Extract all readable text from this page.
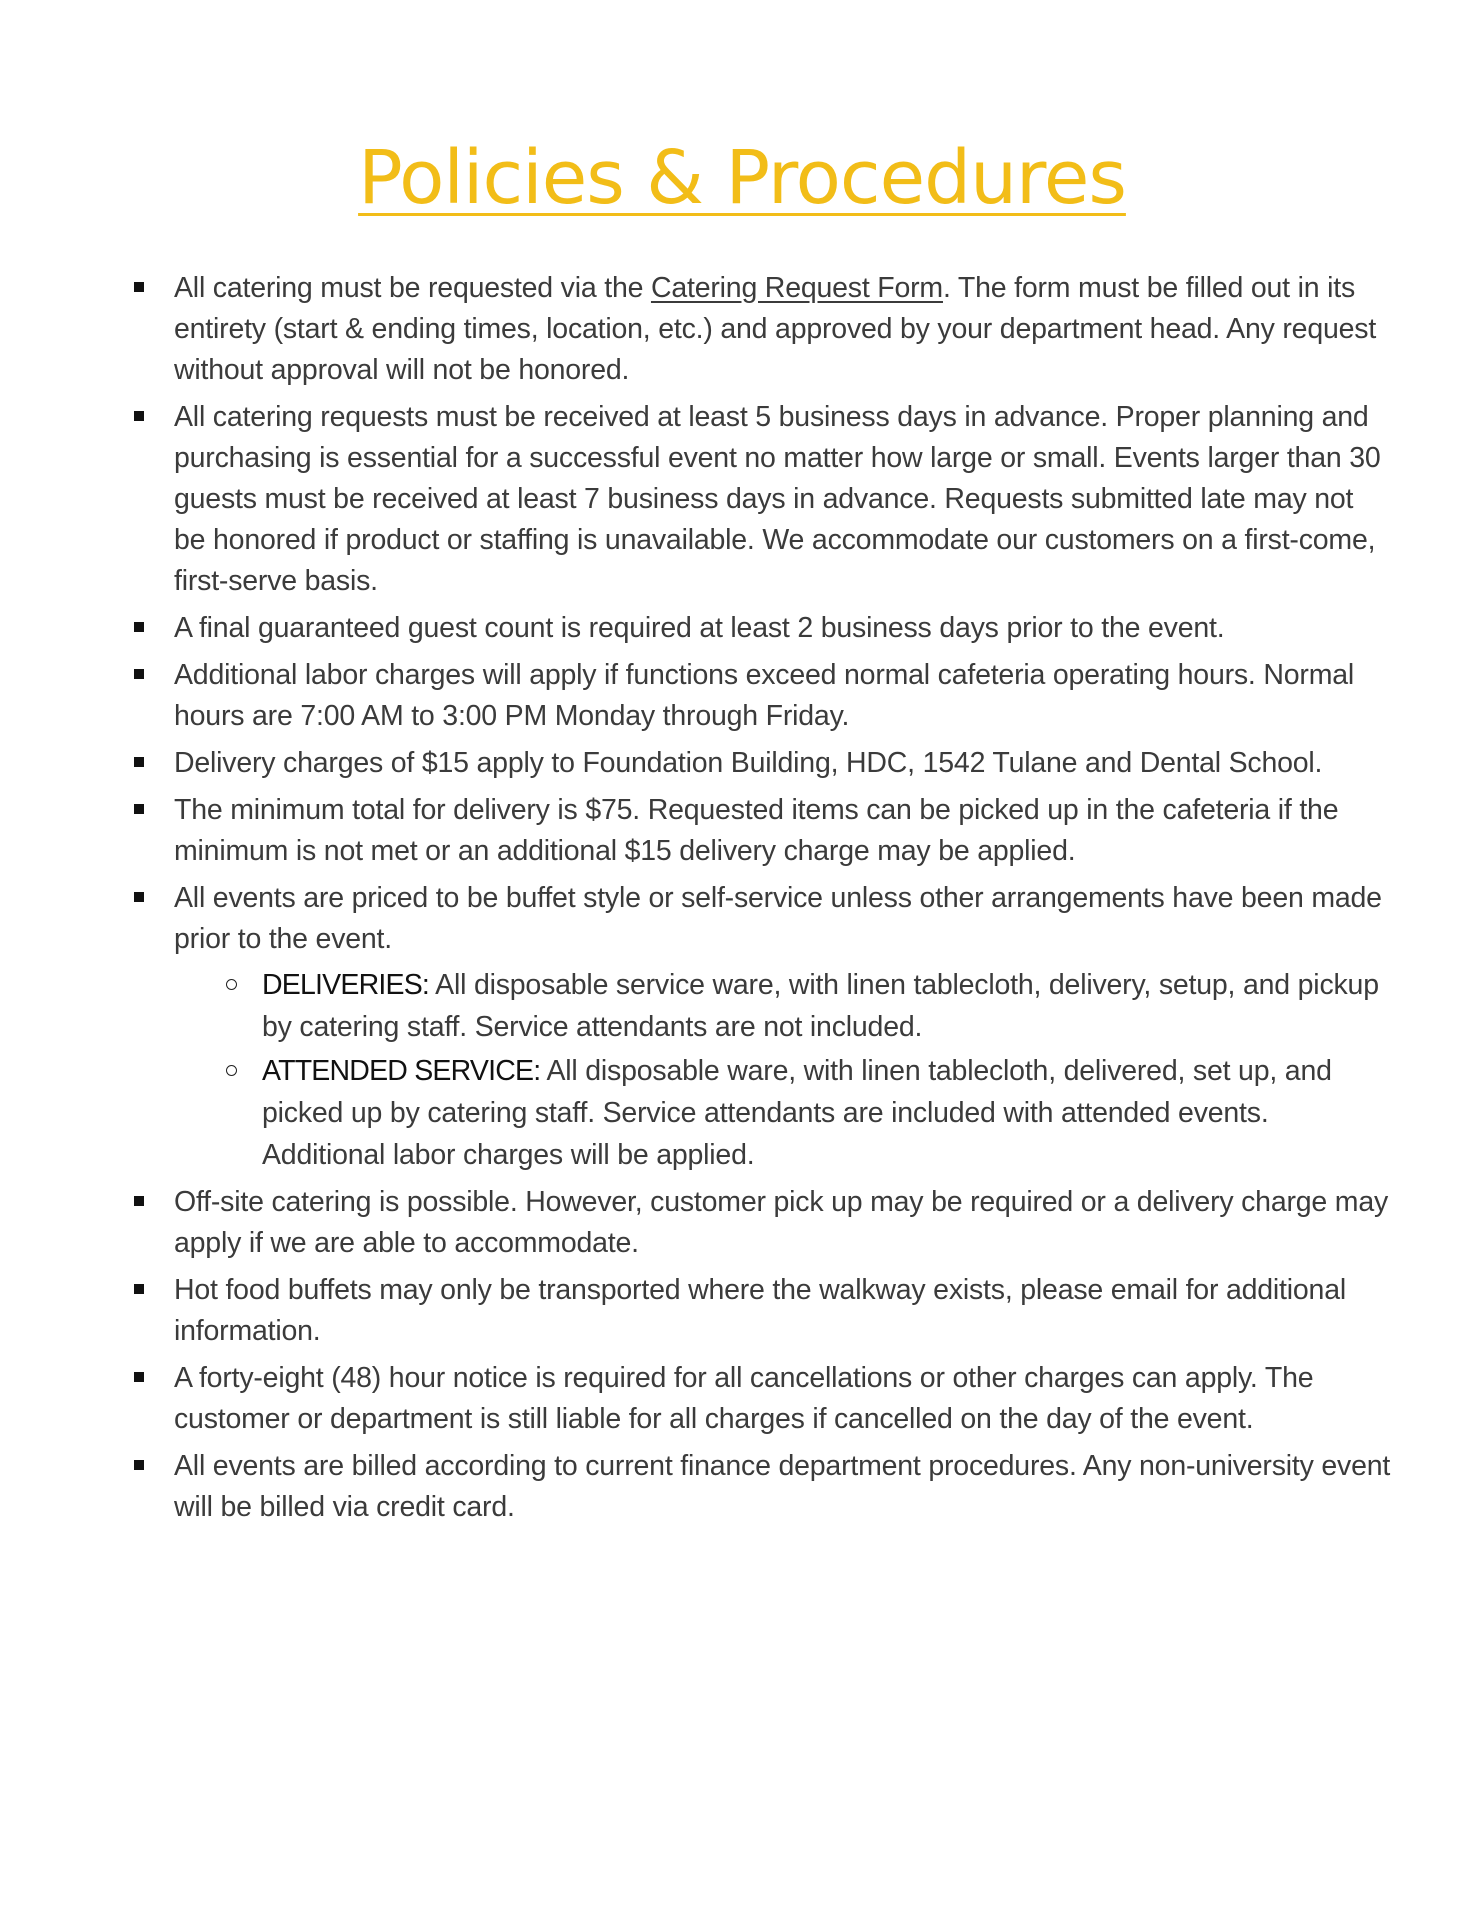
Policies & Procedures
All catering must be requested via the Catering Request Form. The form must be filled out in its entirety (start & ending times, location, etc.) and approved by your department head. Any request without approval will not be honored.
All catering requests must be received at least 5 business days in advance. Proper planning and purchasing is essential for a successful event no matter how large or small. Events larger than 30 guests must be received at least 7 business days in advance. Requests submitted late may not be honored if product or staffing is unavailable. We accommodate our customers on a first-come, first-serve basis.
A final guaranteed guest count is required at least 2 business days prior to the event.
Additional labor charges will apply if functions exceed normal cafeteria operating hours. Normal hours are 7:00 AM to 3:00 PM Monday through Friday.
Delivery charges of $15 apply to Foundation Building, HDC, 1542 Tulane and Dental School.
The minimum total for delivery is $75. Requested items can be picked up in the cafeteria if the minimum is not met or an additional $15 delivery charge may be applied.
All events are priced to be buffet style or self-service unless other arrangements have been made prior to the event.
DELIVERIES: All disposable service ware, with linen tablecloth, delivery, setup, and pickup by catering staff. Service attendants are not included.
ATTENDED SERVICE: All disposable ware, with linen tablecloth, delivered, set up, and picked up by catering staff. Service attendants are included with attended events. Additional labor charges will be applied.
Off-site catering is possible. However, customer pick up may be required or a delivery charge may apply if we are able to accommodate.
Hot food buffets may only be transported where the walkway exists, please email for additional information.
A forty-eight (48) hour notice is required for all cancellations or other charges can apply. The customer or department is still liable for all charges if cancelled on the day of the event.
All events are billed according to current finance department procedures. Any non-university event will be billed via credit card.
